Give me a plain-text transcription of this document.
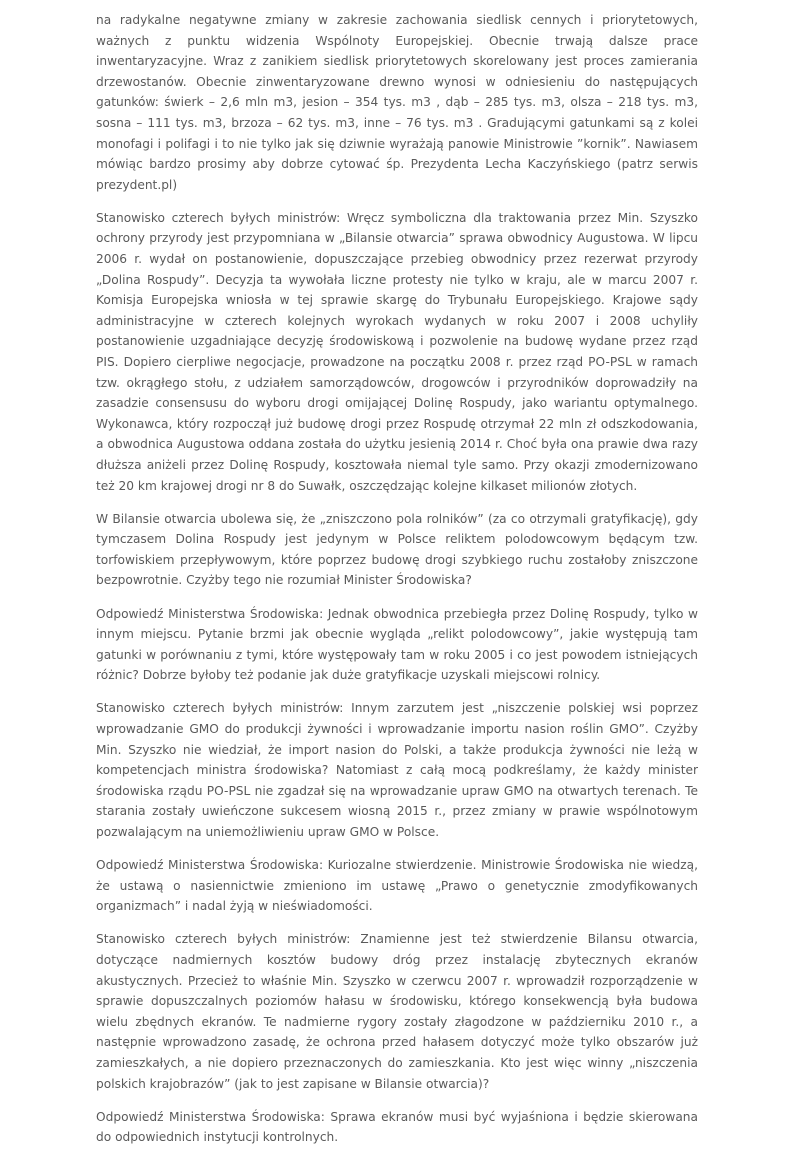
na radykalne negatywne zmiany w zakresie zachowania siedlisk cennych i priorytetowych, ważnych z punktu widzenia Wspólnoty Europejskiej. Obecnie trwają dalsze prace inwentaryzacyjne. Wraz z zanikiem siedlisk priorytetowych skorelowany jest proces zamierania drzewostanów. Obecnie zinwentaryzowane drewno wynosi w odniesieniu do następujących gatunków: świerk – 2,6 mln m3, jesion – 354 tys. m3 , dąb – 285 tys. m3, olsza – 218 tys. m3, sosna – 111 tys. m3, brzoza – 62 tys. m3, inne – 76 tys. m3 . Gradującymi gatunkami są z kolei monofagi i polifagi i to nie tylko jak się dziwnie wyrażają panowie Ministrowie ”kornik”. Nawiasem mówiąc bardzo prosimy aby dobrze cytować śp. Prezydenta Lecha Kaczyńskiego (patrz serwis prezydent.pl)

Stanowisko czterech byłych ministrów: Wręcz symboliczna dla traktowania przez Min. Szyszko ochrony przyrody jest przypomniana w „Bilansie otwarcia” sprawa obwodnicy Augustowa. W lipcu 2006 r. wydał on postanowienie, dopuszczające przebieg obwodnicy przez rezerwat przyrody „Dolina Rospudy”. Decyzja ta wywołała liczne protesty nie tylko w kraju, ale w marcu 2007 r. Komisja Europejska wniosła w tej sprawie skargę do Trybunału Europejskiego. Krajowe sądy administracyjne w czterech kolejnych wyrokach wydanych w roku 2007 i 2008 uchyliły postanowienie uzgadniające decyzję środowiskową i pozwolenie na budowę wydane przez rząd PIS. Dopiero cierpliwe negocjacje, prowadzone na początku 2008 r. przez rząd PO-PSL w ramach tzw. okrągłego stołu, z udziałem samorządowców, drogowców i przyrodników doprowadziły na zasadzie consensusu do wyboru drogi omijającej Dolinę Rospudy, jako wariantu optymalnego. Wykonawca, który rozpoczął już budowę drogi przez Rospudę otrzymał 22 mln zł odszkodowania, a obwodnica Augustowa oddana została do użytku jesienią 2014 r. Choć była ona prawie dwa razy dłuższa aniżeli przez Dolinę Rospudy, kosztowała niemal tyle samo. Przy okazji zmodernizowano też 20 km krajowej drogi nr 8 do Suwałk, oszczędzając kolejne kilkaset milionów złotych.

W Bilansie otwarcia ubolewa się, że „zniszczono pola rolników” (za co otrzymali gratyfikację), gdy tymczasem Dolina Rospudy jest jedynym w Polsce reliktem polodowcowym będącym tzw. torfowiskiem przepływowym, które poprzez budowę drogi szybkiego ruchu zostałoby zniszczone bezpowrotnie. Czyżby tego nie rozumiał Minister Środowiska?

Odpowiedź Ministerstwa Środowiska: Jednak obwodnica przebiegła przez Dolinę Rospudy, tylko w innym miejscu. Pytanie brzmi jak obecnie wygląda „relikt polodowcowy”, jakie występują tam gatunki w porównaniu z tymi, które występowały tam w roku 2005 i co jest powodem istniejących różnic? Dobrze byłoby też podanie jak duże gratyfikacje uzyskali miejscowi rolnicy.

Stanowisko czterech byłych ministrów: Innym zarzutem jest „niszczenie polskiej wsi poprzez wprowadzanie GMO do produkcji żywności i wprowadzanie importu nasion roślin GMO”. Czyżby Min. Szyszko nie wiedział, że import nasion do Polski, a także produkcja żywności nie leżą w kompetencjach ministra środowiska? Natomiast z całą mocą podkreślamy, że każdy minister środowiska rządu PO-PSL nie zgadzał się na wprowadzanie upraw GMO na otwartych terenach. Te starania zostały uwieńczone sukcesem wiosną 2015 r., przez zmiany w prawie wspólnotowym pozwalającym na uniemożliwieniu upraw GMO w Polsce.

Odpowiedź Ministerstwa Środowiska: Kuriozalne stwierdzenie. Ministrowie Środowiska nie wiedzą, że ustawą o nasiennictwie zmieniono im ustawę „Prawo o genetycznie zmodyfikowanych organizmach” i nadal żyją w nieświadomości.

Stanowisko czterech byłych ministrów: Znamienne jest też stwierdzenie Bilansu otwarcia, dotyczące nadmiernych kosztów budowy dróg przez instalację zbytecznych ekranów akustycznych. Przecież to właśnie Min. Szyszko w czerwcu 2007 r. wprowadził rozporządzenie w sprawie dopuszczalnych poziomów hałasu w środowisku, którego konsekwencją była budowa wielu zbędnych ekranów. Te nadmierne rygory zostały złagodzone w październiku 2010 r., a następnie wprowadzono zasadę, że ochrona przed hałasem dotyczyć może tylko obszarów już zamieszkałych, a nie dopiero przeznaczonych do zamieszkania. Kto jest więc winny „niszczenia polskich krajobrazów” (jak to jest zapisane w Bilansie otwarcia)?

Odpowiedź Ministerstwa Środowiska: Sprawa ekranów musi być wyjaśniona i będzie skierowana do odpowiednich instytucji kontrolnych.
